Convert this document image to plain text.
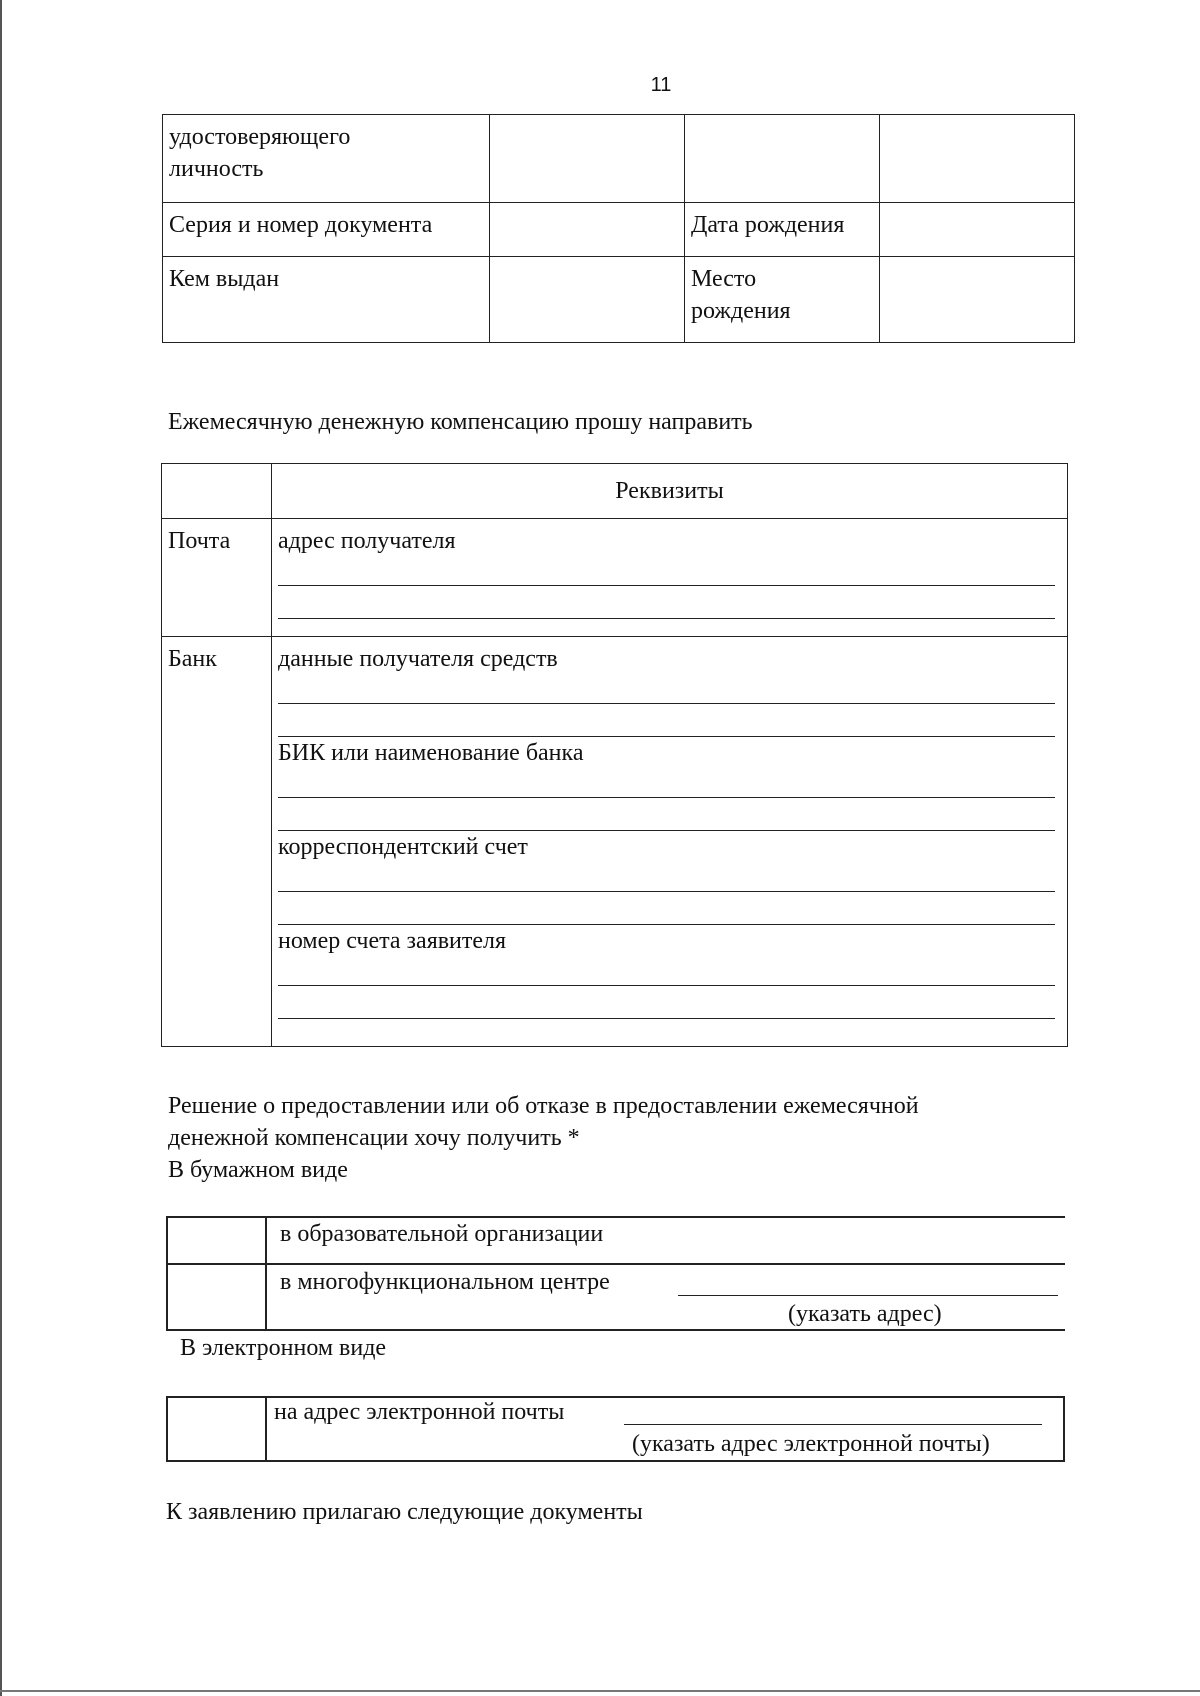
11
удостоверяющего личность			

Серия и номер документа		Дата рождения	
Кем выдан		Место рождения	

Ежемесячную денежную компенсацию прошу направить
	Реквизиты
Почта	адрес получателя

Банк	данные получателя средств
БИК или наименование банка
корреспондентский счет
номер счета заявителя
Решение о предоставлении или об отказе в предоставлении ежемесячной
денежной компенсации хочу получить *
В бумажном виде
в образовательной организации
в многофункциональном центре
(указать адрес)
В электронном виде
на адрес электронной почты
(указать адрес электронной почты)
К заявлению прилагаю следующие документы
